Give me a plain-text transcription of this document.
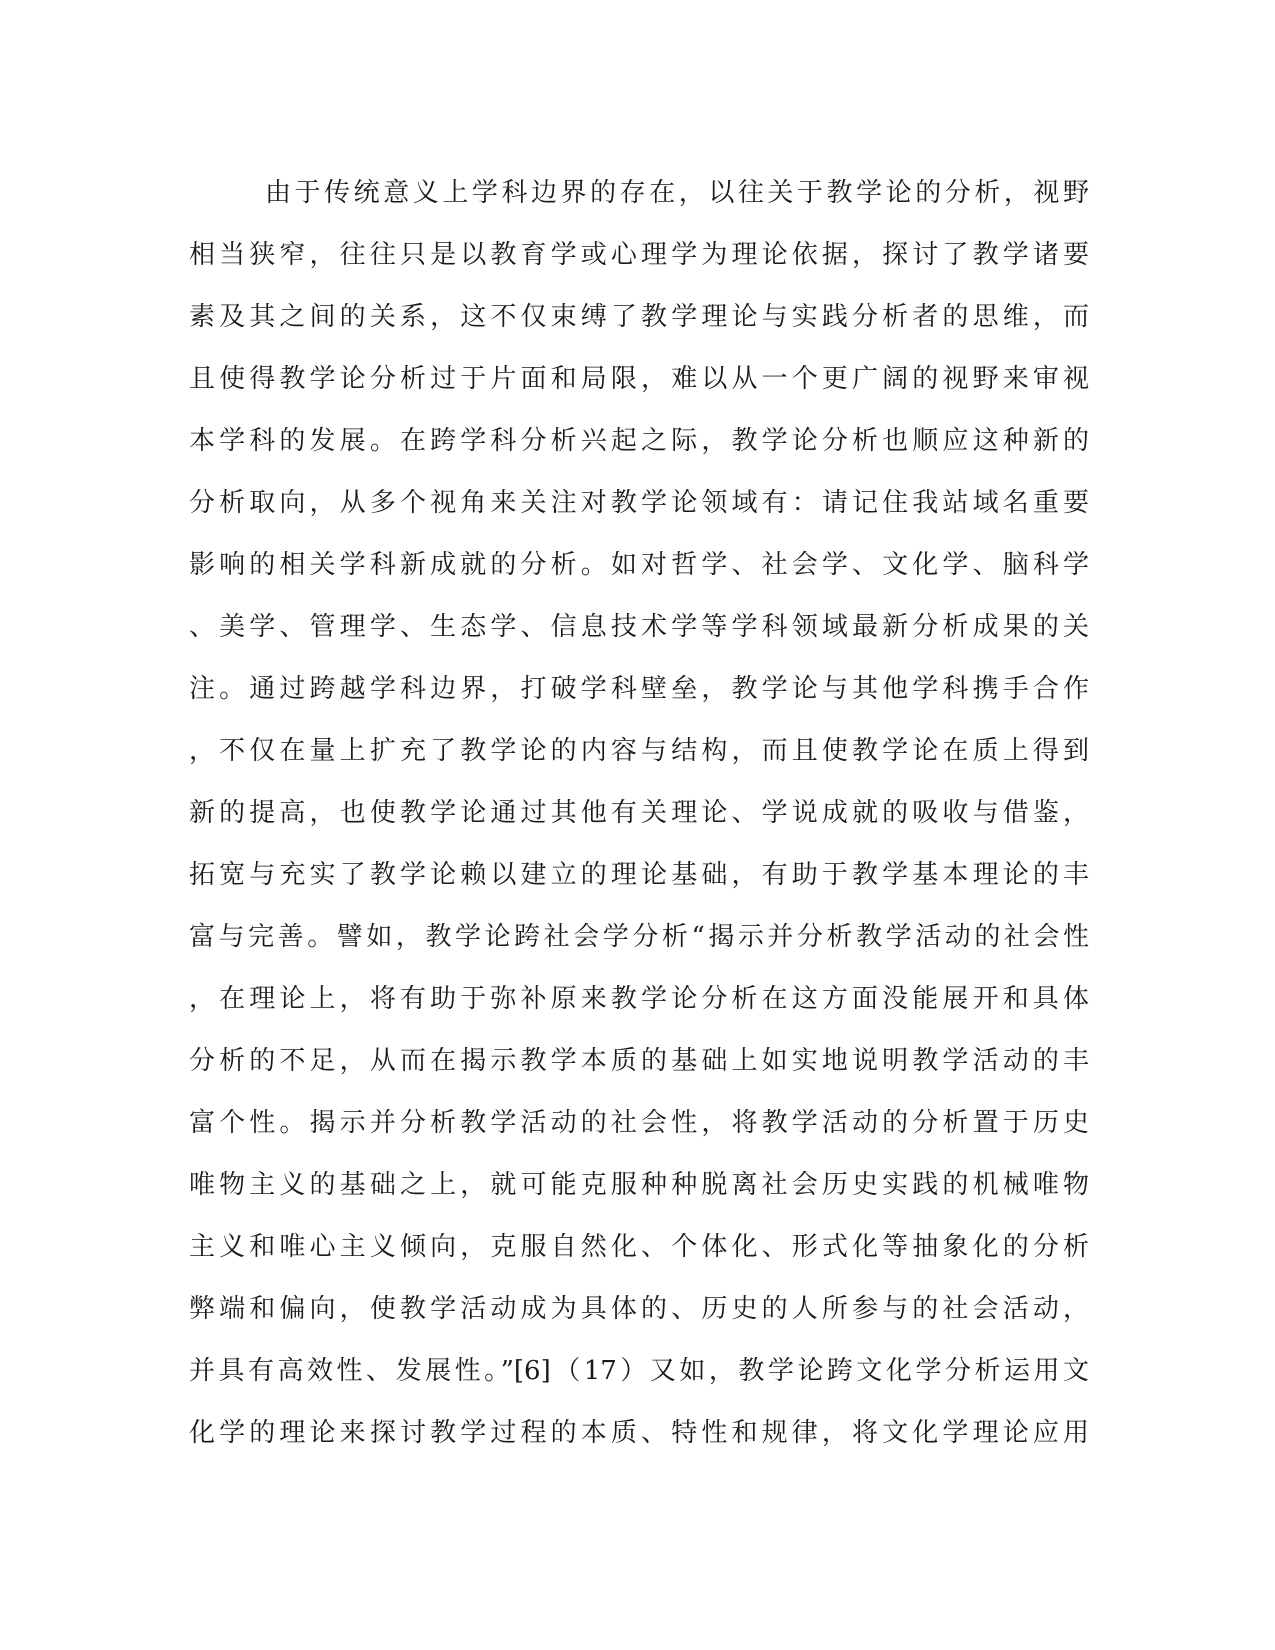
由于传统意义上学科边界的存在，以往关于教学论的分析，视野
相当狭窄，往往只是以教育学或心理学为理论依据，探讨了教学诸要
素及其之间的关系，这不仅束缚了教学理论与实践分析者的思维，而
且使得教学论分析过于片面和局限，难以从一个更广阔的视野来审视
本学科的发展。在跨学科分析兴起之际，教学论分析也顺应这种新的
分析取向，从多个视角来关注对教学论领域有：请记住我站域名重要
影响的相关学科新成就的分析。如对哲学、社会学、文化学、脑科学
、美学、管理学、生态学、信息技术学等学科领域最新分析成果的关
注。通过跨越学科边界，打破学科壁垒，教学论与其他学科携手合作
，不仅在量上扩充了教学论的内容与结构，而且使教学论在质上得到
新的提高，也使教学论通过其他有关理论、学说成就的吸收与借鉴，
拓宽与充实了教学论赖以建立的理论基础，有助于教学基本理论的丰
富与完善。譬如，教学论跨社会学分析“揭示并分析教学活动的社会性
，在理论上，将有助于弥补原来教学论分析在这方面没能展开和具体
分析的不足，从而在揭示教学本质的基础上如实地说明教学活动的丰
富个性。揭示并分析教学活动的社会性，将教学活动的分析置于历史
唯物主义的基础之上，就可能克服种种脱离社会历史实践的机械唯物
主义和唯心主义倾向，克服自然化、个体化、形式化等抽象化的分析
弊端和偏向，使教学活动成为具体的、历史的人所参与的社会活动，
并具有高效性、发展性。”[6]（17）又如，教学论跨文化学分析运用文
化学的理论来探讨教学过程的本质、特性和规律，将文化学理论应用
